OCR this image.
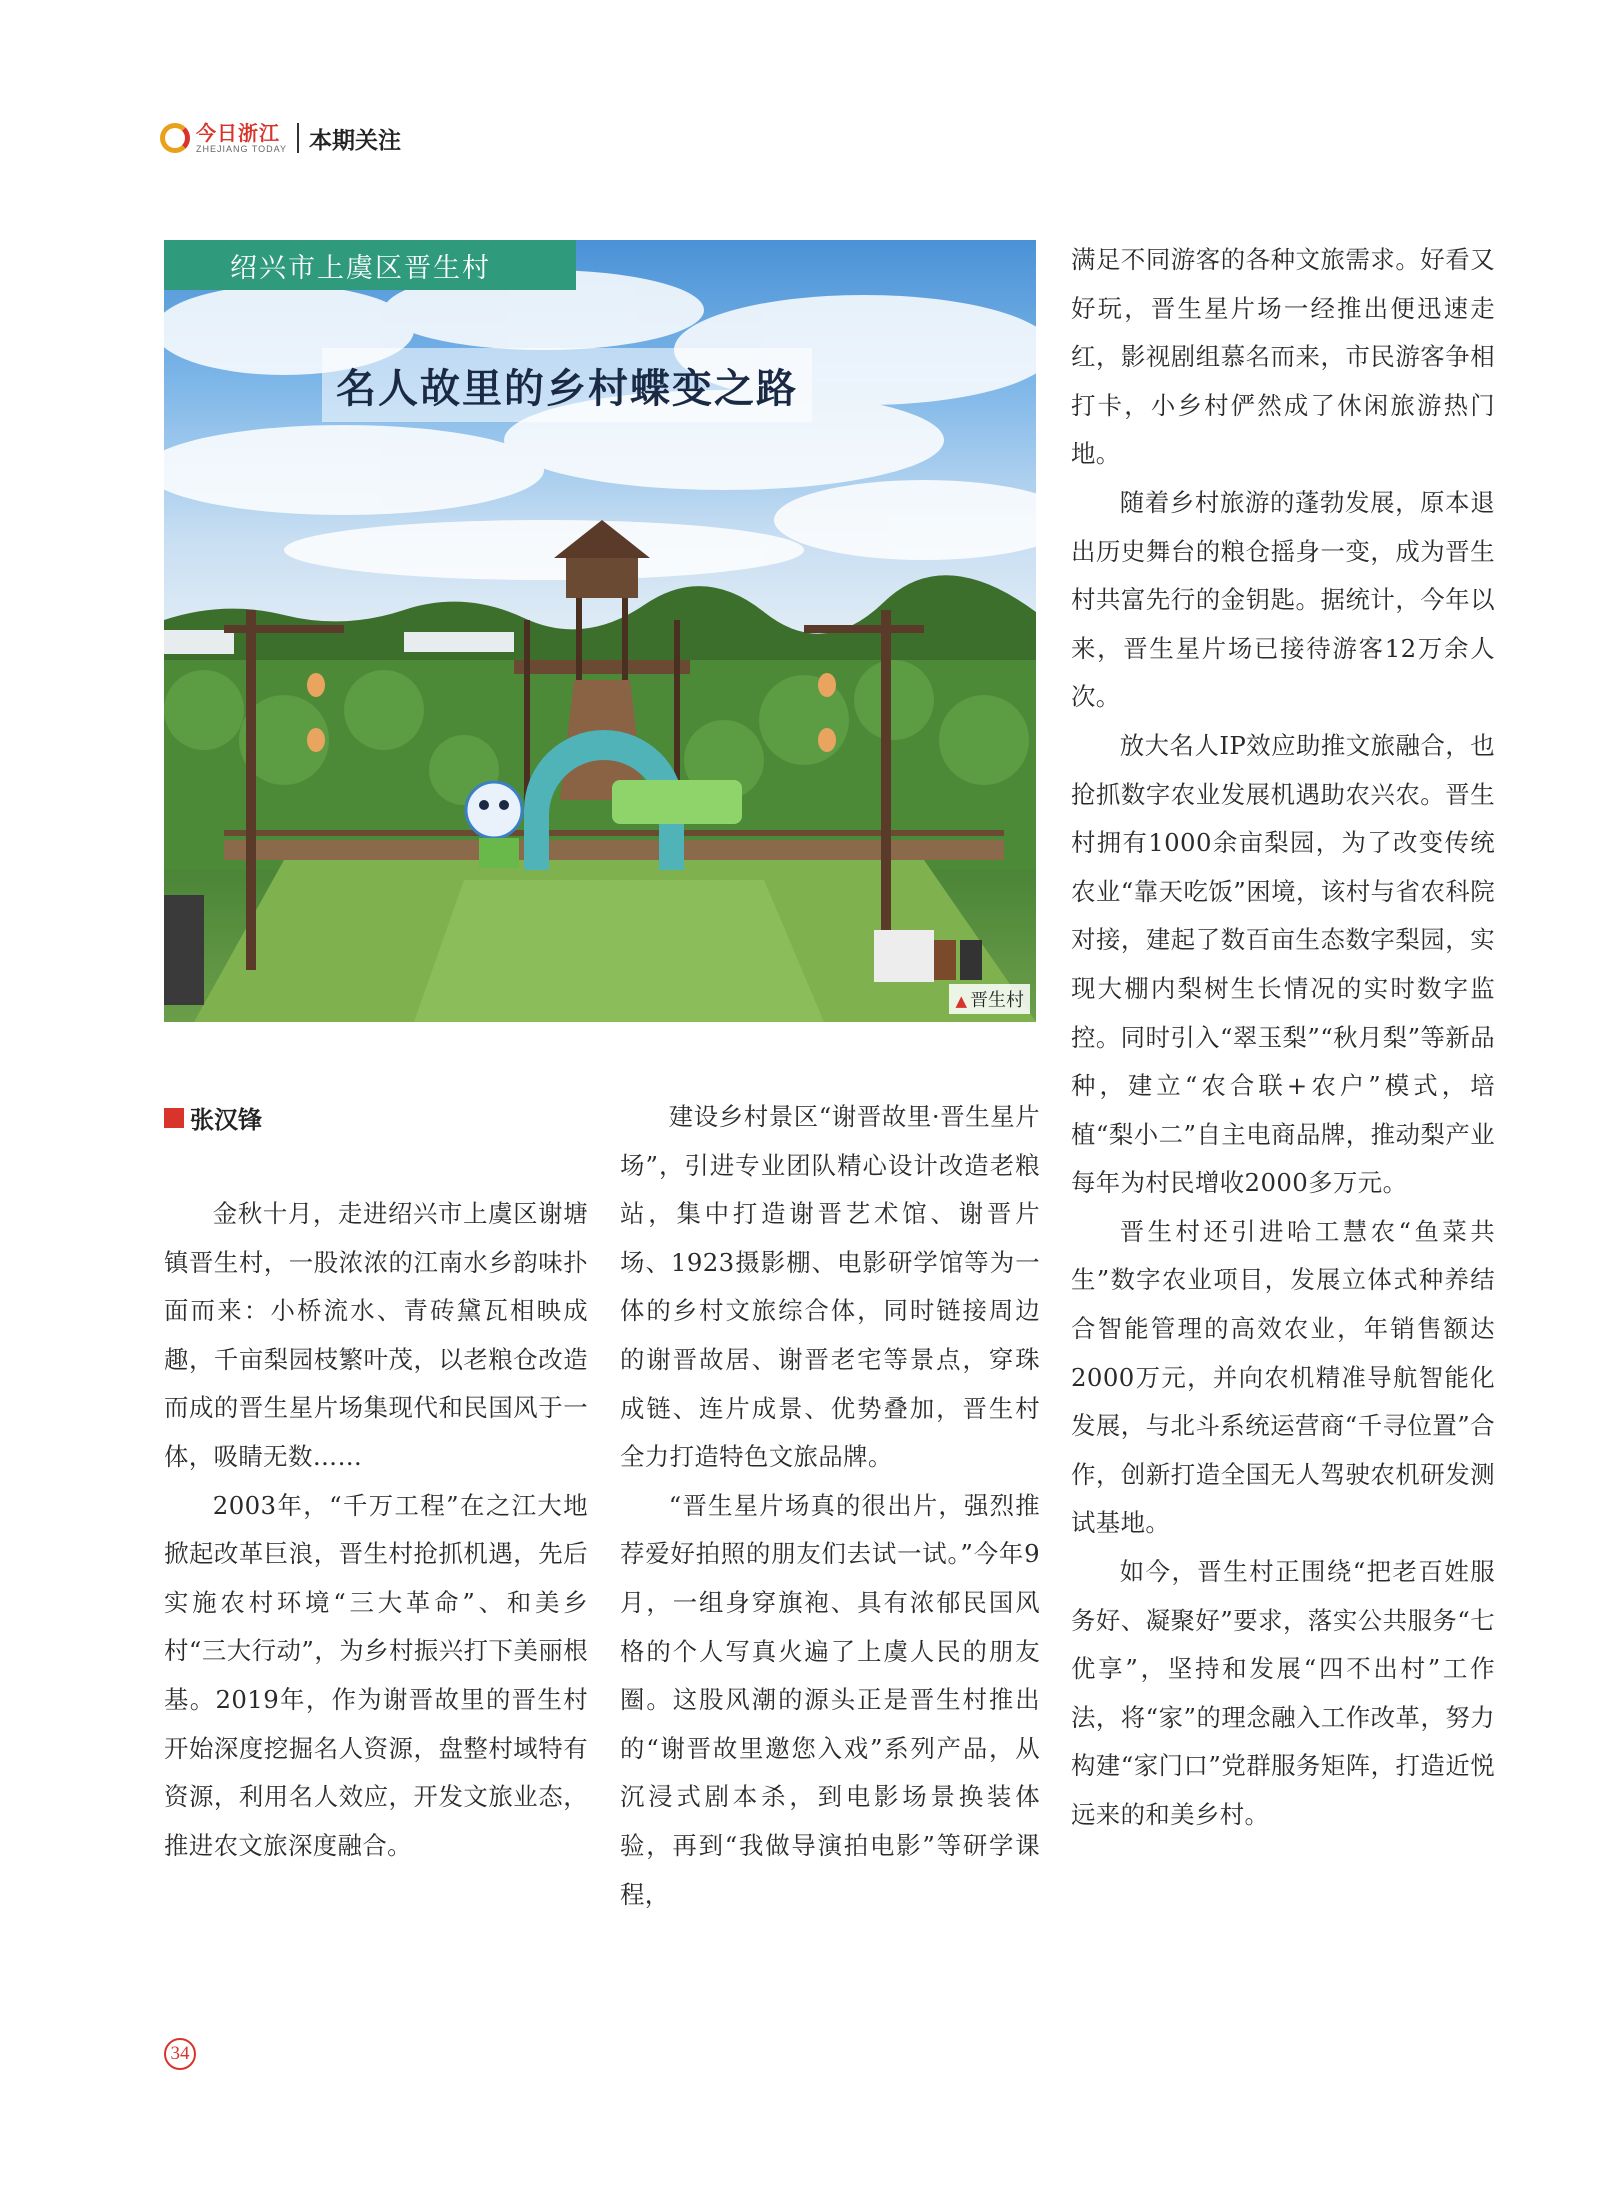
今日浙江
ZHEJIANG TODAY 本期关注
绍兴市上虞区晋生村
名人故里的乡村蝶变之路
▲ 晋生村
张汉锋

金秋十月，走进绍兴市上虞区谢塘镇晋生村，一股浓浓的江南水乡韵味扑面而来：小桥流水、青砖黛瓦相映成趣，千亩梨园枝繁叶茂，以老粮仓改造而成的晋生星片场集现代和民国风于一体，吸睛无数……

2003年，“千万工程”在之江大地掀起改革巨浪，晋生村抢抓机遇，先后实施农村环境“三大革命”、和美乡村“三大行动”，为乡村振兴打下美丽根基。2019年，作为谢晋故里的晋生村开始深度挖掘名人资源，盘整村域特有资源，利用名人效应，开发文旅业态，推进农文旅深度融合。

建设乡村景区“谢晋故里·晋生星片场”，引进专业团队精心设计改造老粮站，集中打造谢晋艺术馆、谢晋片场、1923摄影棚、电影研学馆等为一体的乡村文旅综合体，同时链接周边的谢晋故居、谢晋老宅等景点，穿珠成链、连片成景、优势叠加，晋生村全力打造特色文旅品牌。

“晋生星片场真的很出片，强烈推荐爱好拍照的朋友们去试一试。”今年9月，一组身穿旗袍、具有浓郁民国风格的个人写真火遍了上虞人民的朋友圈。这股风潮的源头正是晋生村推出的“谢晋故里邀您入戏”系列产品，从沉浸式剧本杀，到电影场景换装体验，再到“我做导演拍电影”等研学课程，

满足不同游客的各种文旅需求。好看又好玩，晋生星片场一经推出便迅速走红，影视剧组慕名而来，市民游客争相打卡，小乡村俨然成了休闲旅游热门地。

随着乡村旅游的蓬勃发展，原本退出历史舞台的粮仓摇身一变，成为晋生村共富先行的金钥匙。据统计，今年以来，晋生星片场已接待游客12万余人次。

放大名人IP效应助推文旅融合，也抢抓数字农业发展机遇助农兴农。晋生村拥有1000余亩梨园，为了改变传统农业“靠天吃饭”困境，该村与省农科院对接，建起了数百亩生态数字梨园，实现大棚内梨树生长情况的实时数字监控。同时引入“翠玉梨”“秋月梨”等新品种，建立“农合联+农户”模式，培植“梨小二”自主电商品牌，推动梨产业每年为村民增收2000多万元。

晋生村还引进哈工慧农“鱼菜共生”数字农业项目，发展立体式种养结合智能管理的高效农业，年销售额达2000万元，并向农机精准导航智能化发展，与北斗系统运营商“千寻位置”合作，创新打造全国无人驾驶农机研发测试基地。

如今，晋生村正围绕“把老百姓服务好、凝聚好”要求，落实公共服务“七优享”，坚持和发展“四不出村”工作法，将“家”的理念融入工作改革，努力构建“家门口”党群服务矩阵，打造近悦远来的和美乡村。

34
